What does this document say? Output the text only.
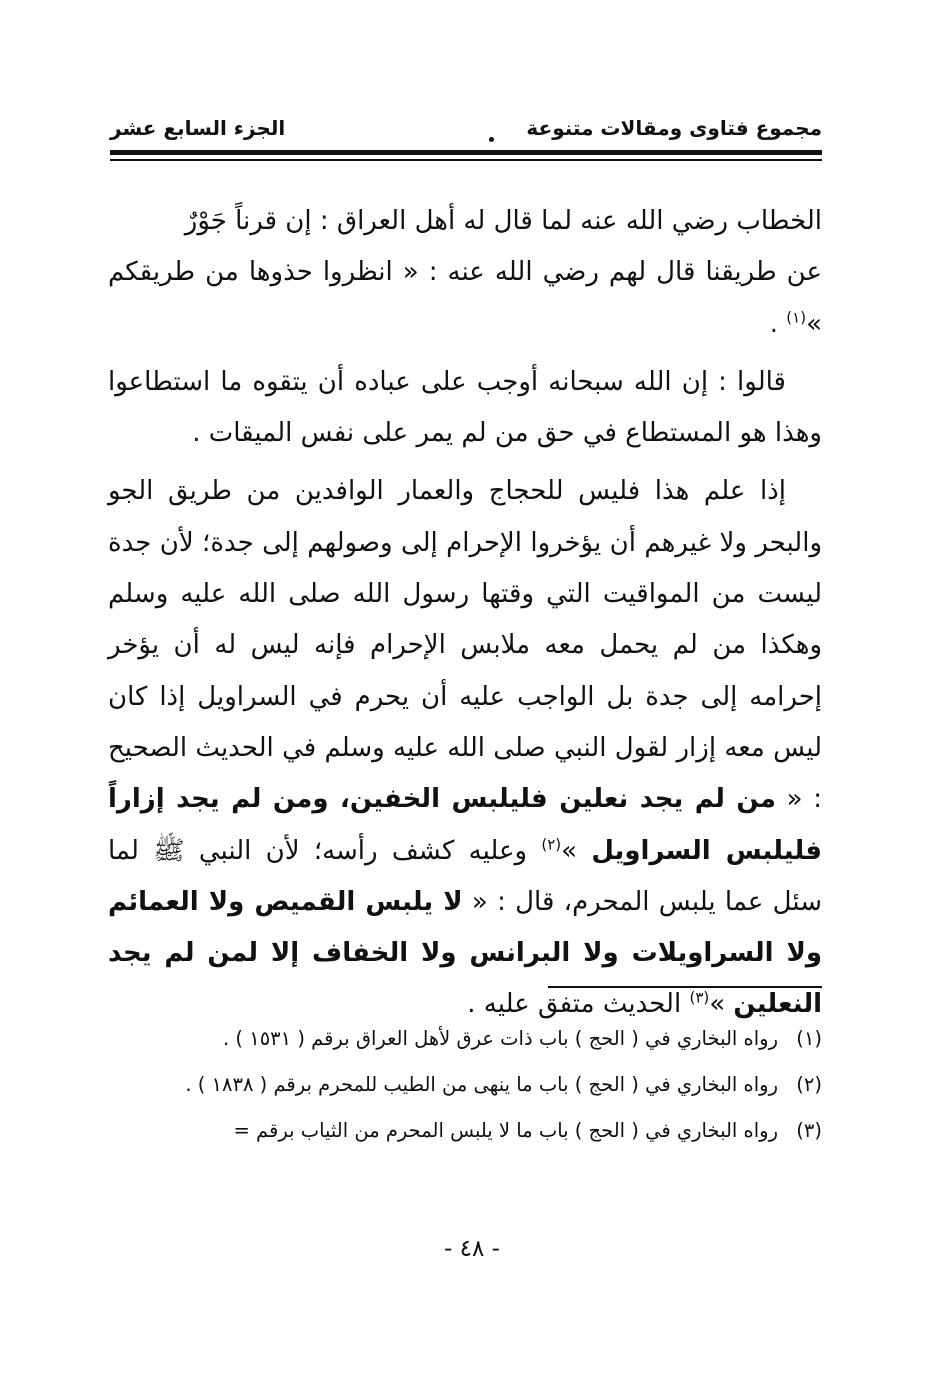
مجموع فتاوى ومقالات متنوعة
الجزء السابع عشر

الخطاب رضي الله عنه لما قال له أهل العراق : إن قرناً جَوْرٌ
عن طريقنا قال لهم رضي الله عنه : « انظروا حذوها من طريقكم »$^{(١)}$ .

قالوا : إن الله سبحانه أوجب على عباده أن يتقوه ما استطاعوا وهذا هو المستطاع في حق من لم يمر على نفس الميقات .

إذا علم هذا فليس للحجاج والعمار الوافدين من طريق الجو والبحر ولا غيرهم أن يؤخروا الإحرام إلى وصولهم إلى جدة؛ لأن جدة ليست من المواقيت التي وقتها رسول الله صلى الله عليه وسلم وهكذا من لم يحمل معه ملابس الإحرام فإنه ليس له أن يؤخر إحرامه إلى جدة بل الواجب عليه أن يحرم في السراويل إذا كان ليس معه إزار لقول النبي صلى الله عليه وسلم في الحديث الصحيح : « من لم يجد نعلين فليلبس الخفين، ومن لم يجد إزاراً فليلبس السراويل »$^{(٢)}$ وعليه كشف رأسه؛ لأن النبي ﷺ لما سئل عما يلبس المحرم، قال : « لا يلبس القميص ولا العمائم ولا السراويلات ولا البرانس ولا الخفاف إلا لمن لم يجد النعلين »$^{(٣)}$ الحديث متفق عليه .

(١)
رواه البخاري في ( الحج ) باب ذات عرق لأهل العراق برقم ( ١٥٣١ ) .
(٢)
رواه البخاري في ( الحج ) باب ما ينهى من الطيب للمحرم برقم ( ١٨٣٨ ) .
(٣)
رواه البخاري في ( الحج ) باب ما لا يلبس المحرم من الثياب برقم =
- ٤٨ -
